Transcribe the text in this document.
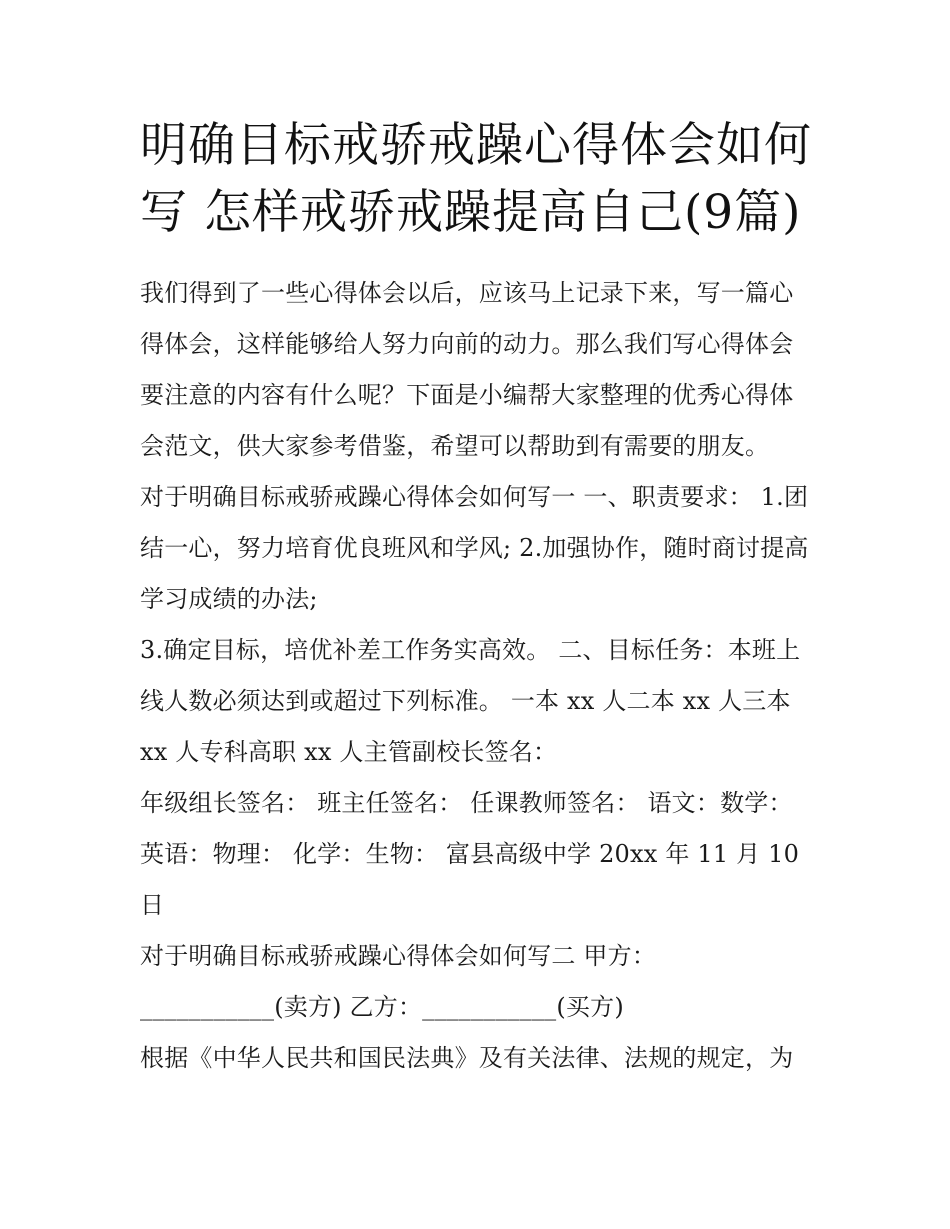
明确目标戒骄戒躁心得体会如何写 怎样戒骄戒躁提高自己(9篇)

我们得到了一些心得体会以后，应该马上记录下来，写一篇心得体会，这样能够给人努力向前的动力。那么我们写心得体会要注意的内容有什么呢？下面是小编帮大家整理的优秀心得体会范文，供大家参考借鉴，希望可以帮助到有需要的朋友。

对于明确目标戒骄戒躁心得体会如何写一 一、职责要求： 1.团结一心，努力培育优良班风和学风; 2.加强协作，随时商讨提高学习成绩的办法;

3.确定目标，培优补差工作务实高效。 二、目标任务：本班上线人数必须达到或超过下列标准。 一本 xx 人二本 xx 人三本 xx 人专科高职 xx 人主管副校长签名：

年级组长签名： 班主任签名： 任课教师签名： 语文：数学：英语：物理： 化学：生物： 富县高级中学 20xx 年 11 月 10 日

对于明确目标戒骄戒躁心得体会如何写二 甲方：___________(卖方) 乙方：___________(买方)

根据《中华人民共和国民法典》及有关法律、法规的规定，为
